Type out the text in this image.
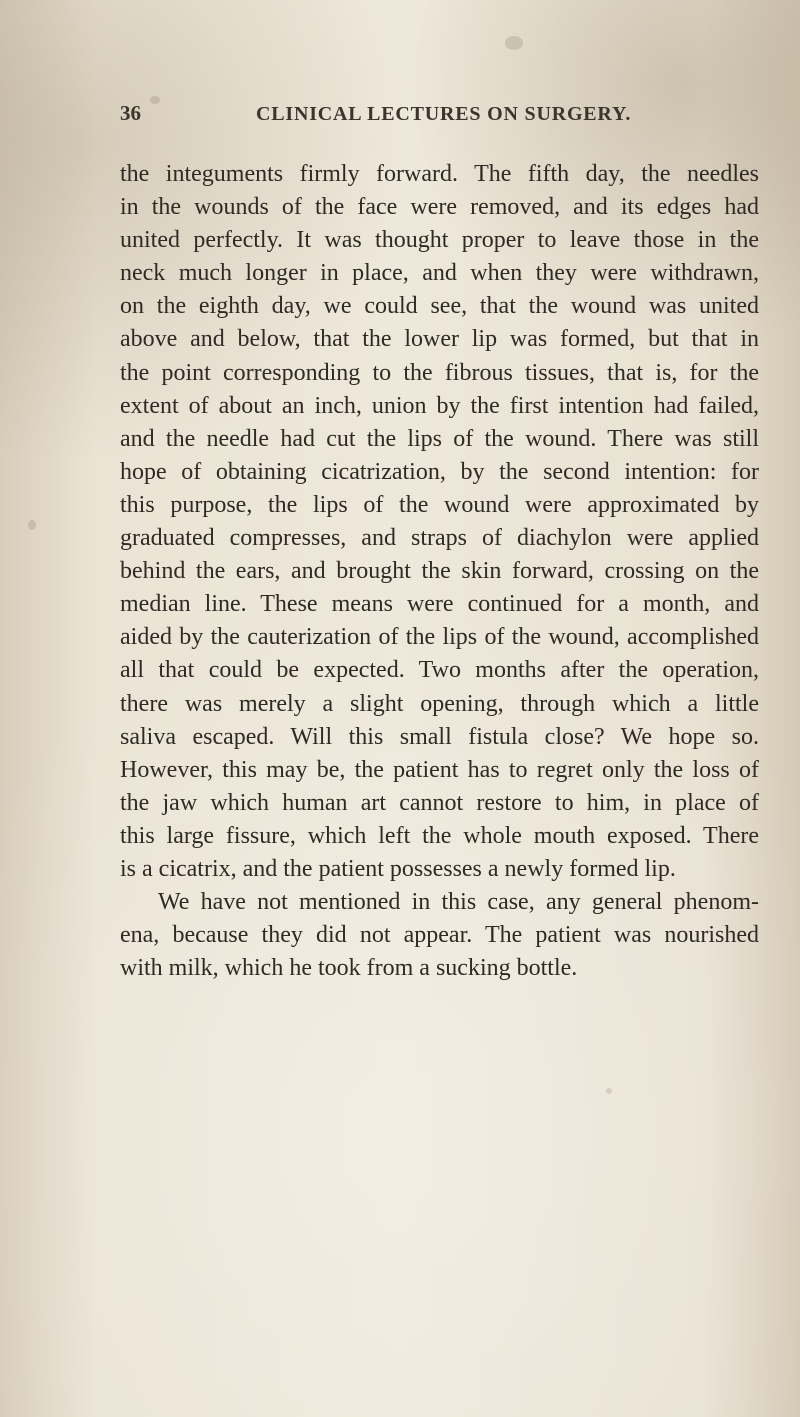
36	CLINICAL LECTURES ON SURGERY.
the integuments firmly forward. The fifth day, the needles
in the wounds of the face were removed, and its edges had
united perfectly. It was thought proper to leave those in the
neck much longer in place, and when they were withdrawn,
on the eighth day, we could see, that the wound was united
above and below, that the lower lip was formed, but that in
the point corresponding to the fibrous tissues, that is, for the
extent of about an inch, union by the first intention had failed,
and the needle had cut the lips of the wound. There was still
hope of obtaining cicatrization, by the second intention: for
this purpose, the lips of the wound were approximated by
graduated compresses, and straps of diachylon were applied
behind the ears, and brought the skin forward, crossing on the
median line. These means were continued for a month, and
aided by the cauterization of the lips of the wound, accomplished
all that could be expected. Two months after the operation,
there was merely a slight opening, through which a little
saliva escaped. Will this small fistula close? We hope so.
However, this may be, the patient has to regret only the loss of
the jaw which human art cannot restore to him, in place of
this large fissure, which left the whole mouth exposed. There
is a cicatrix, and the patient possesses a newly formed lip.
We have not mentioned in this case, any general phenom-
ena, because they did not appear. The patient was nourished
with milk, which he took from a sucking bottle.
